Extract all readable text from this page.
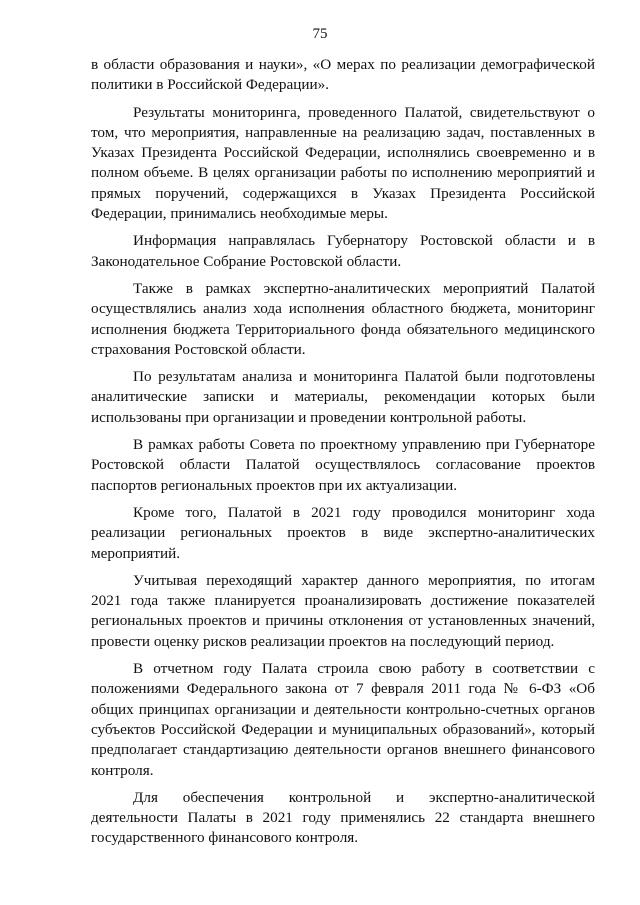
75

в области образования и науки», «О мерах по реализации демографической политики в Российской Федерации».

Результаты мониторинга, проведенного Палатой, свидетельствуют о том, что мероприятия, направленные на реализацию задач, поставленных в Указах Президента Российской Федерации, исполнялись своевременно и в полном объеме. В целях организации работы по исполнению мероприятий и прямых поручений, содержащихся в Указах Президента Российской Федерации, принимались необходимые меры.

Информация направлялась Губернатору Ростовской области и в Законодательное Собрание Ростовской области.

Также в рамках экспертно-аналитических мероприятий Палатой осуществлялись анализ хода исполнения областного бюджета, мониторинг исполнения бюджета Территориального фонда обязательного медицинского страхования Ростовской области.

По результатам анализа и мониторинга Палатой были подготовлены аналитические записки и материалы, рекомендации которых были использованы при организации и проведении контрольной работы.

В рамках работы Совета по проектному управлению при Губернаторе Ростовской области Палатой осуществлялось согласование проектов паспортов региональных проектов при их актуализации.

Кроме того, Палатой в 2021 году проводился мониторинг хода реализации региональных проектов в виде экспертно-аналитических мероприятий.

Учитывая переходящий характер данного мероприятия, по итогам 2021 года также планируется проанализировать достижение показателей региональных проектов и причины отклонения от установленных значений, провести оценку рисков реализации проектов на последующий период.

В отчетном году Палата строила свою работу в соответствии с положениями Федерального закона от 7 февраля 2011 года № 6-ФЗ «Об общих принципах организации и деятельности контрольно-счетных органов субъектов Российской Федерации и муниципальных образований», который предполагает стандартизацию деятельности органов внешнего финансового контроля.

Для обеспечения контрольной и экспертно-аналитической деятельности Палаты в 2021 году применялись 22 стандарта внешнего государственного финансового контроля.
